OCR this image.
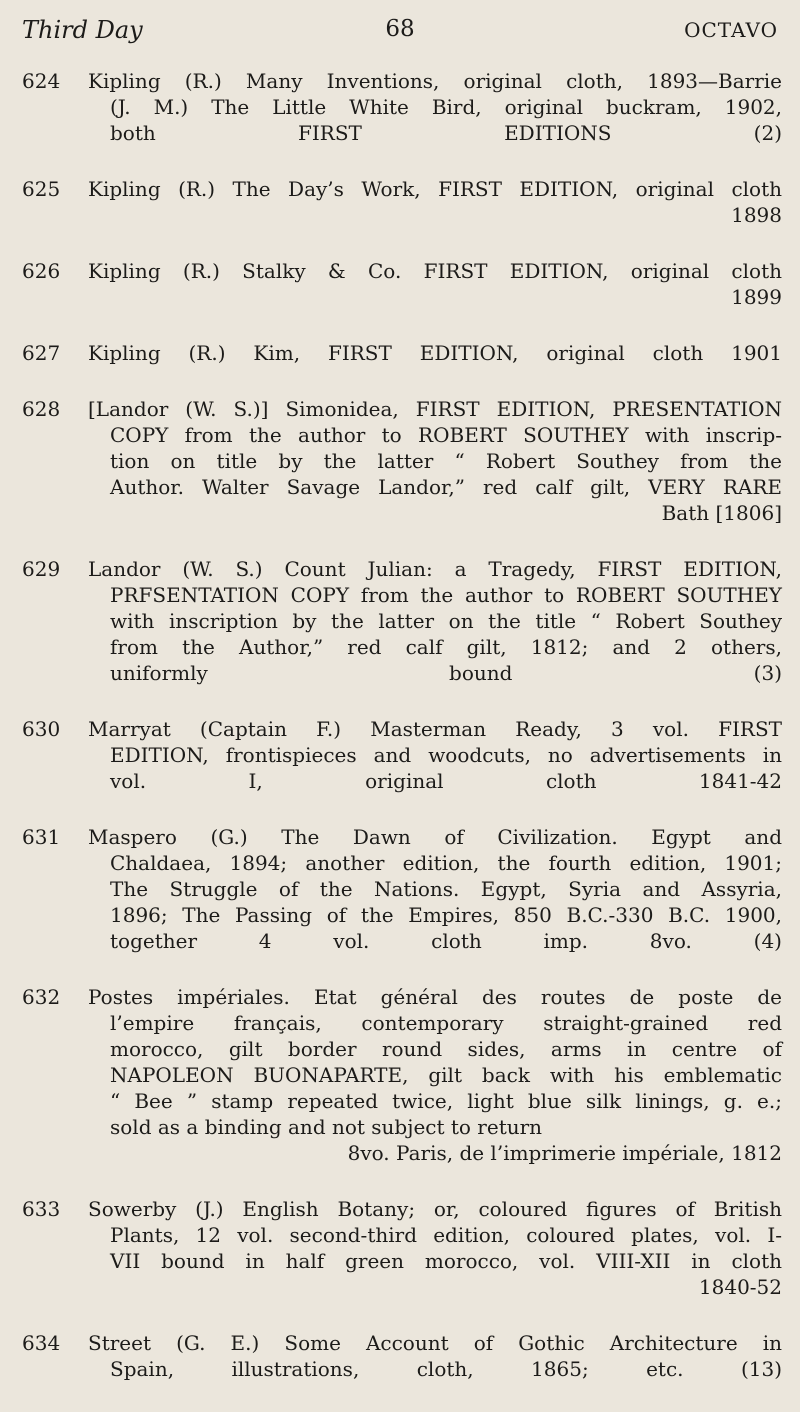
Third Day	68	OCTAVO
624 Kipling (R.) Many Inventions, original cloth, 1893—Barrie
(J. M.) The Little White Bird, original buckram, 1902,
both FIRST EDITIONS (2)
625 Kipling (R.) The Day’s Work, FIRST EDITION, original cloth
1898
626 Kipling (R.) Stalky & Co. FIRST EDITION, original cloth
1899
627 Kipling (R.) Kim, FIRST EDITION, original cloth 1901
628 [Landor (W. S.)] Simonidea, FIRST EDITION, PRESENTATION
COPY from the author to ROBERT SOUTHEY with inscrip-
tion on title by the latter “ Robert Southey from the
Author. Walter Savage Landor,” red calf gilt, VERY RARE
Bath [1806]
629 Landor (W. S.) Count Julian: a Tragedy, FIRST EDITION,
PRFSENTATION COPY from the author to ROBERT SOUTHEY
with inscription by the latter on the title “ Robert Southey
from the Author,” red calf gilt, 1812; and 2 others,
uniformly bound (3)
630 Marryat (Captain F.) Masterman Ready, 3 vol. FIRST
EDITION, frontispieces and woodcuts, no advertisements in
vol. I, original cloth 1841-42
631 Maspero (G.) The Dawn of Civilization. Egypt and
Chaldaea, 1894; another edition, the fourth edition, 1901;
The Struggle of the Nations. Egypt, Syria and Assyria,
1896; The Passing of the Empires, 850 B.C.-330 B.C. 1900,
together 4 vol. cloth imp. 8vo. (4)
632 Postes impériales. Etat général des routes de poste de
l’empire français, contemporary straight-grained red
morocco, gilt border round sides, arms in centre of
NAPOLEON BUONAPARTE, gilt back with his emblematic
“ Bee ” stamp repeated twice, light blue silk linings, g. e.;
sold as a binding and not subject to return
8vo. Paris, de l’imprimerie impériale, 1812
633 Sowerby (J.) English Botany; or, coloured figures of British
Plants, 12 vol. second-third edition, coloured plates, vol. I-
VII bound in half green morocco, vol. VIII-XII in cloth
1840-52
634 Street (G. E.) Some Account of Gothic Architecture in
Spain, illustrations, cloth, 1865; etc. (13)
